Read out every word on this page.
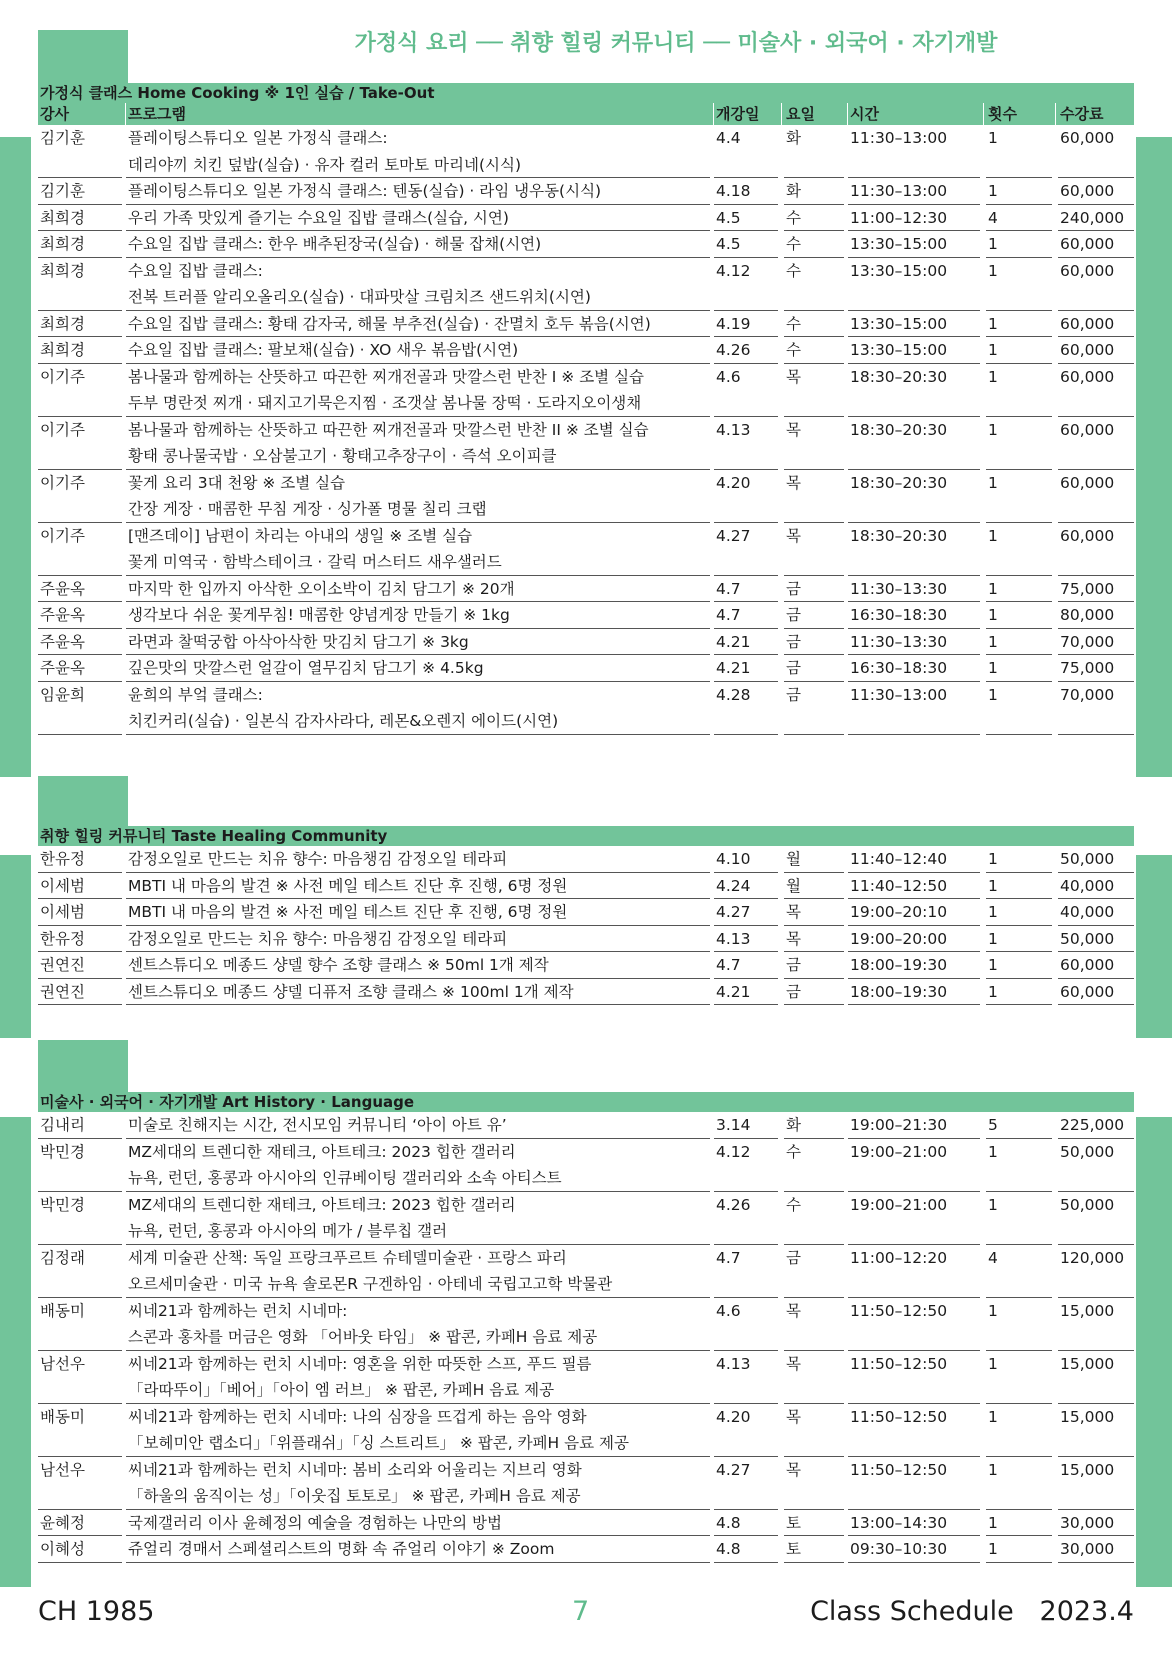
가정식 요리 ── 취향 힐링 커뮤니티 ── 미술사 · 외국어 · 자기개발
가정식 클래스 Home Cooking ※ 1인 실습 / Take-Out
강사	프로그램	개강일	요일	시간	횟수	수강료
김기훈	플레이팅스튜디오 일본 가정식 클래스:
데리야끼 치킨 덮밥(실습) · 유자 컬러 토마토 마리네(시식)
4.4	화	11:30–13:00	1	60,000
김기훈	플레이팅스튜디오 일본 가정식 클래스: 텐동(실습) · 라임 냉우동(시식)	4.18	화	11:30–13:00	1	60,000
최희경	우리 가족 맛있게 즐기는 수요일 집밥 클래스(실습, 시연)	4.5	수	11:00–12:30	4	240,000
최희경	수요일 집밥 클래스: 한우 배추된장국(실습) · 해물 잡채(시연)	4.5	수	13:30–15:00	1	60,000
최희경	수요일 집밥 클래스:
전복 트러플 알리오올리오(실습) · 대파맛살 크림치즈 샌드위치(시연)
4.12	수	13:30–15:00	1	60,000
최희경	수요일 집밥 클래스: 황태 감자국, 해물 부추전(실습) · 잔멸치 호두 볶음(시연)	4.19	수	13:30–15:00	1	60,000
최희경	수요일 집밥 클래스: 팔보채(실습) · XO 새우 볶음밥(시연)	4.26	수	13:30–15:00	1	60,000
이기주	봄나물과 함께하는 산뜻하고 따끈한 찌개전골과 맛깔스런 반찬 I ※ 조별 실습
두부 명란젓 찌개 · 돼지고기묵은지찜 · 조갯살 봄나물 장떡 · 도라지오이생채
4.6	목	18:30–20:30	1	60,000
이기주	봄나물과 함께하는 산뜻하고 따끈한 찌개전골과 맛깔스런 반찬 II ※ 조별 실습
황태 콩나물국밥 · 오삼불고기 · 황태고추장구이 · 즉석 오이피클
4.13	목	18:30–20:30	1	60,000
이기주	꽃게 요리 3대 천왕 ※ 조별 실습
간장 게장 · 매콤한 무침 게장 · 싱가폴 명물 칠리 크랩
4.20	목	18:30–20:30	1	60,000
이기주	[맨즈데이] 남편이 차리는 아내의 생일 ※ 조별 실습
꽃게 미역국 · 함박스테이크 · 갈릭 머스터드 새우샐러드
4.27	목	18:30–20:30	1	60,000
주윤옥	마지막 한 입까지 아삭한 오이소박이 김치 담그기 ※ 20개	4.7	금	11:30–13:30	1	75,000
주윤옥	생각보다 쉬운 꽃게무침! 매콤한 양념게장 만들기 ※ 1kg	4.7	금	16:30–18:30	1	80,000
주윤옥	라면과 찰떡궁합 아삭아삭한 맛김치 담그기 ※ 3kg	4.21	금	11:30–13:30	1	70,000
주윤옥	깊은맛의 맛깔스런 얼갈이 열무김치 담그기 ※ 4.5kg	4.21	금	16:30–18:30	1	75,000
임윤희	윤희의 부엌 클래스:
치킨커리(실습) · 일본식 감자사라다, 레몬&오렌지 에이드(시연)
4.28	금	11:30–13:00	1	70,000
취향 힐링 커뮤니티 Taste Healing Community
한유정	감정오일로 만드는 치유 향수: 마음챙김 감정오일 테라피	4.10	월	11:40–12:40	1	50,000
이세범	MBTI 내 마음의 발견 ※ 사전 메일 테스트 진단 후 진행, 6명 정원	4.24	월	11:40–12:50	1	40,000
이세범	MBTI 내 마음의 발견 ※ 사전 메일 테스트 진단 후 진행, 6명 정원	4.27	목	19:00–20:10	1	40,000
한유정	감정오일로 만드는 치유 향수: 마음챙김 감정오일 테라피	4.13	목	19:00–20:00	1	50,000
권연진	센트스튜디오 메종드 샹델 향수 조향 클래스 ※ 50ml 1개 제작	4.7	금	18:00–19:30	1	60,000
권연진	센트스튜디오 메종드 샹델 디퓨저 조향 클래스 ※ 100ml 1개 제작	4.21	금	18:00–19:30	1	60,000
미술사 · 외국어 · 자기개발 Art History · Language
김내리	미술로 친해지는 시간, 전시모임 커뮤니티 ‘아이 아트 유’	3.14	화	19:00–21:30	5	225,000
박민경	MZ세대의 트렌디한 재테크, 아트테크: 2023 힙한 갤러리
뉴욕, 런던, 홍콩과 아시아의 인큐베이팅 갤러리와 소속 아티스트
4.12	수	19:00–21:00	1	50,000
박민경	MZ세대의 트렌디한 재테크, 아트테크: 2023 힙한 갤러리
뉴욕, 런던, 홍콩과 아시아의 메가 / 블루칩 갤러
4.26	수	19:00–21:00	1	50,000
김정래	세계 미술관 산책: 독일 프랑크푸르트 슈테델미술관 · 프랑스 파리
오르세미술관 · 미국 뉴욕 솔로몬R 구겐하임 · 아테네 국립고고학 박물관
4.7	금	11:00–12:20	4	120,000
배동미	씨네21과 함께하는 런치 시네마:
스콘과 홍차를 머금은 영화 「어바웃 타임」 ※ 팝콘, 카페H 음료 제공
4.6	목	11:50–12:50	1	15,000
남선우	씨네21과 함께하는 런치 시네마: 영혼을 위한 따뜻한 스프, 푸드 필름
「라따뚜이」「베어」「아이 엠 러브」 ※ 팝콘, 카페H 음료 제공
4.13	목	11:50–12:50	1	15,000
배동미	씨네21과 함께하는 런치 시네마: 나의 심장을 뜨겁게 하는 음악 영화
「보헤미안 랩소디」「위플래쉬」「싱 스트리트」 ※ 팝콘, 카페H 음료 제공
4.20	목	11:50–12:50	1	15,000
남선우	씨네21과 함께하는 런치 시네마: 봄비 소리와 어울리는 지브리 영화
「하울의 움직이는 성」「이웃집 토토로」 ※ 팝콘, 카페H 음료 제공
4.27	목	11:50–12:50	1	15,000
윤혜정	국제갤러리 이사 윤혜정의 예술을 경험하는 나만의 방법	4.8	토	13:00–14:30	1	30,000
이혜성	쥬얼리 경매서 스페셜리스트의 명화 속 쥬얼리 이야기 ※ Zoom	4.8	토	09:30–10:30	1	30,000
CH 1985	7	Class Schedule   2023.4
